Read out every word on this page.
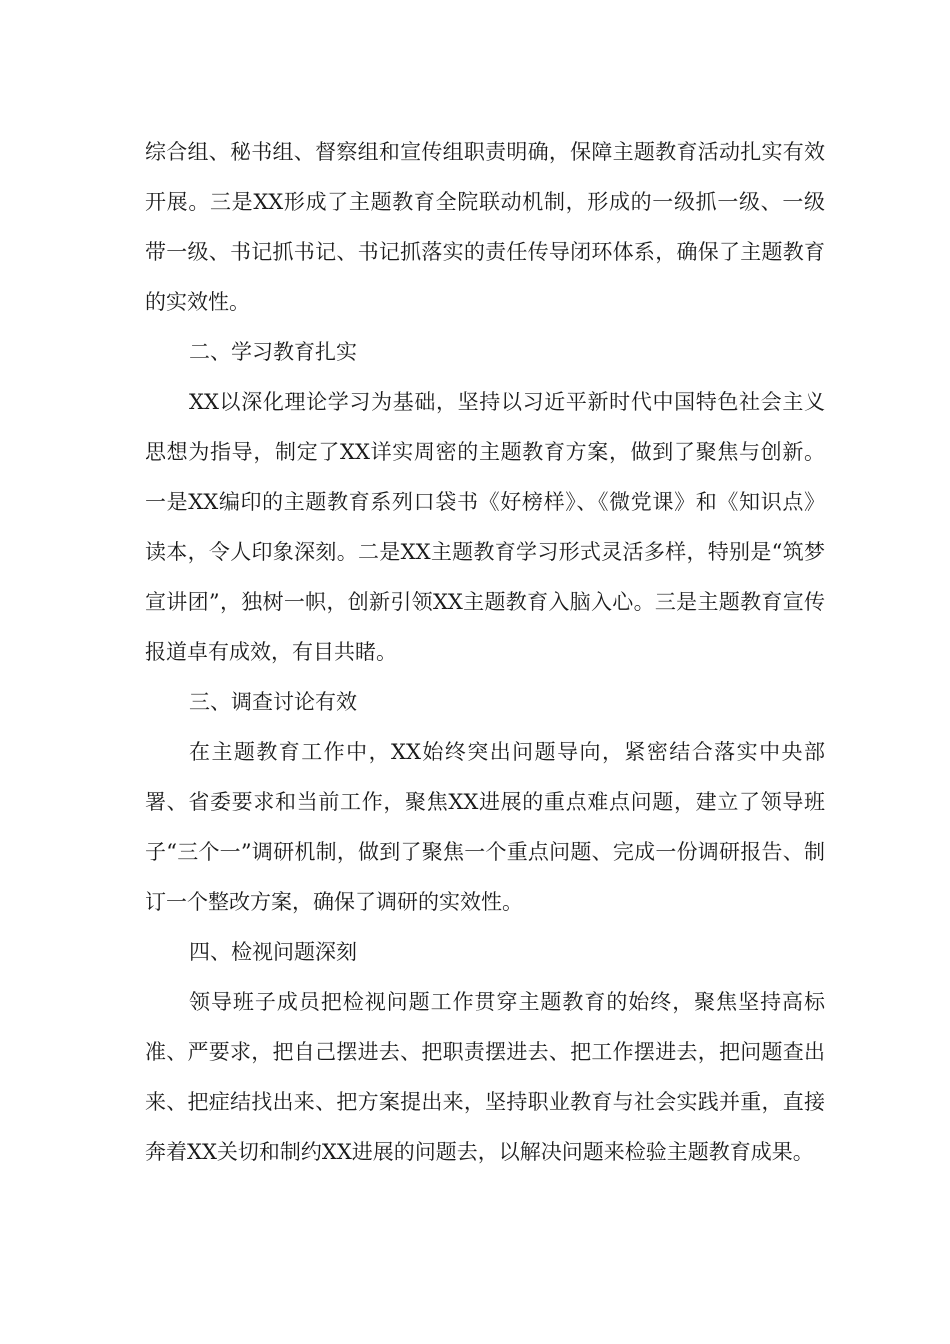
综合组、秘书组、督察组和宣传组职责明确，保障主题教育活动扎实有效开展。三是XX形成了主题教育全院联动机制，形成的一级抓一级、一级带一级、书记抓书记、书记抓落实的责任传导闭环体系，确保了主题教育的实效性。

二、学习教育扎实

XX以深化理论学习为基础，坚持以习近平新时代中国特色社会主义思想为指导，制定了XX详实周密的主题教育方案，做到了聚焦与创新。一是XX编印的主题教育系列口袋书《好榜样》、《微党课》和《知识点》读本，令人印象深刻。二是XX主题教育学习形式灵活多样，特别是“筑梦宣讲团”，独树一帜，创新引领XX主题教育入脑入心。三是主题教育宣传报道卓有成效，有目共睹。

三、调查讨论有效

在主题教育工作中，XX始终突出问题导向，紧密结合落实中央部署、省委要求和当前工作，聚焦XX进展的重点难点问题，建立了领导班子“三个一”调研机制，做到了聚焦一个重点问题、完成一份调研报告、制订一个整改方案，确保了调研的实效性。

四、检视问题深刻

领导班子成员把检视问题工作贯穿主题教育的始终，聚焦坚持高标准、严要求，把自己摆进去、把职责摆进去、把工作摆进去，把问题查出来、把症结找出来、把方案提出来，坚持职业教育与社会实践并重，直接奔着XX关切和制约XX进展的问题去，以解决问题来检验主题教育成果。
